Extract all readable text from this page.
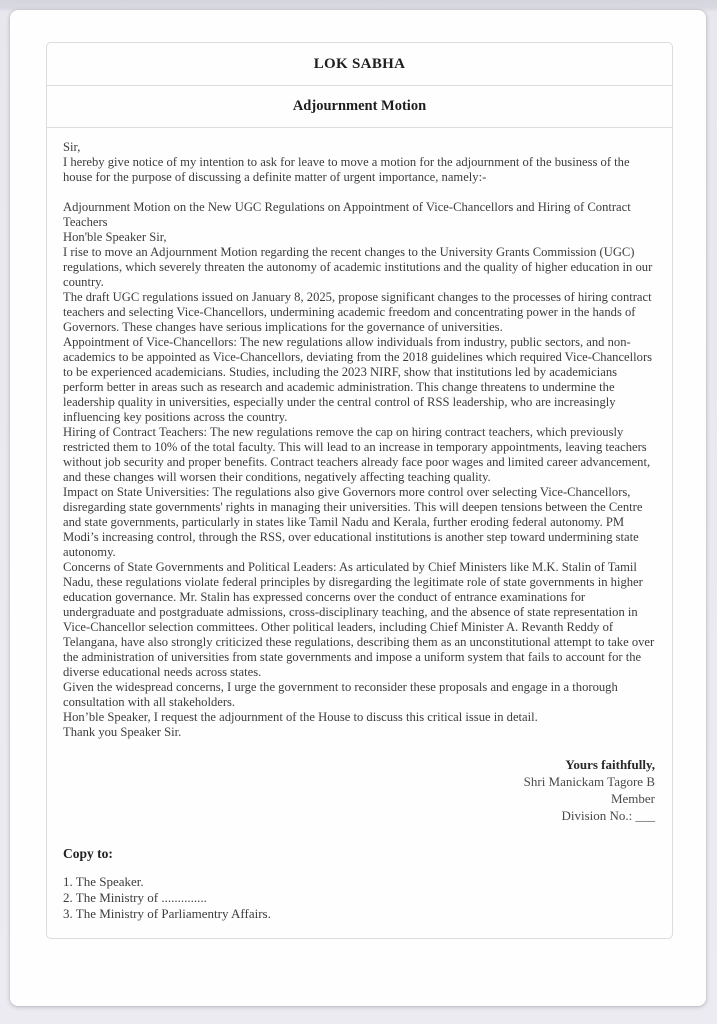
LOK SABHA
Adjournment Motion
Sir,
I hereby give notice of my intention to ask for leave to move a motion for the adjournment of the business of the house for the purpose of discussing a definite matter of urgent importance, namely:-
Adjournment Motion on the New UGC Regulations on Appointment of Vice-Chancellors and Hiring of Contract Teachers
Hon'ble Speaker Sir,
I rise to move an Adjournment Motion regarding the recent changes to the University Grants Commission (UGC) regulations, which severely threaten the autonomy of academic institutions and the quality of higher education in our country.
The draft UGC regulations issued on January 8, 2025, propose significant changes to the processes of hiring contract teachers and selecting Vice-Chancellors, undermining academic freedom and concentrating power in the hands of Governors. These changes have serious implications for the governance of universities.
Appointment of Vice-Chancellors: The new regulations allow individuals from industry, public sectors, and non-academics to be appointed as Vice-Chancellors, deviating from the 2018 guidelines which required Vice-Chancellors to be experienced academicians. Studies, including the 2023 NIRF, show that institutions led by academicians perform better in areas such as research and academic administration. This change threatens to undermine the leadership quality in universities, especially under the central control of RSS leadership, who are increasingly influencing key positions across the country.
Hiring of Contract Teachers: The new regulations remove the cap on hiring contract teachers, which previously restricted them to 10% of the total faculty. This will lead to an increase in temporary appointments, leaving teachers without job security and proper benefits. Contract teachers already face poor wages and limited career advancement, and these changes will worsen their conditions, negatively affecting teaching quality.
Impact on State Universities: The regulations also give Governors more control over selecting Vice-Chancellors, disregarding state governments' rights in managing their universities. This will deepen tensions between the Centre and state governments, particularly in states like Tamil Nadu and Kerala, further eroding federal autonomy. PM Modi’s increasing control, through the RSS, over educational institutions is another step toward undermining state autonomy.
Concerns of State Governments and Political Leaders: As articulated by Chief Ministers like M.K. Stalin of Tamil Nadu, these regulations violate federal principles by disregarding the legitimate role of state governments in higher education governance. Mr. Stalin has expressed concerns over the conduct of entrance examinations for undergraduate and postgraduate admissions, cross-disciplinary teaching, and the absence of state representation in Vice-Chancellor selection committees. Other political leaders, including Chief Minister A. Revanth Reddy of Telangana, have also strongly criticized these regulations, describing them as an unconstitutional attempt to take over the administration of universities from state governments and impose a uniform system that fails to account for the diverse educational needs across states.
Given the widespread concerns, I urge the government to reconsider these proposals and engage in a thorough consultation with all stakeholders.
Hon’ble Speaker, I request the adjournment of the House to discuss this critical issue in detail.
Thank you Speaker Sir.
Yours faithfully,
Shri Manickam Tagore B
Member
Division No.: ___
Copy to:
1. The Speaker.
2. The Ministry of ..............
3. The Ministry of Parliamentry Affairs.
